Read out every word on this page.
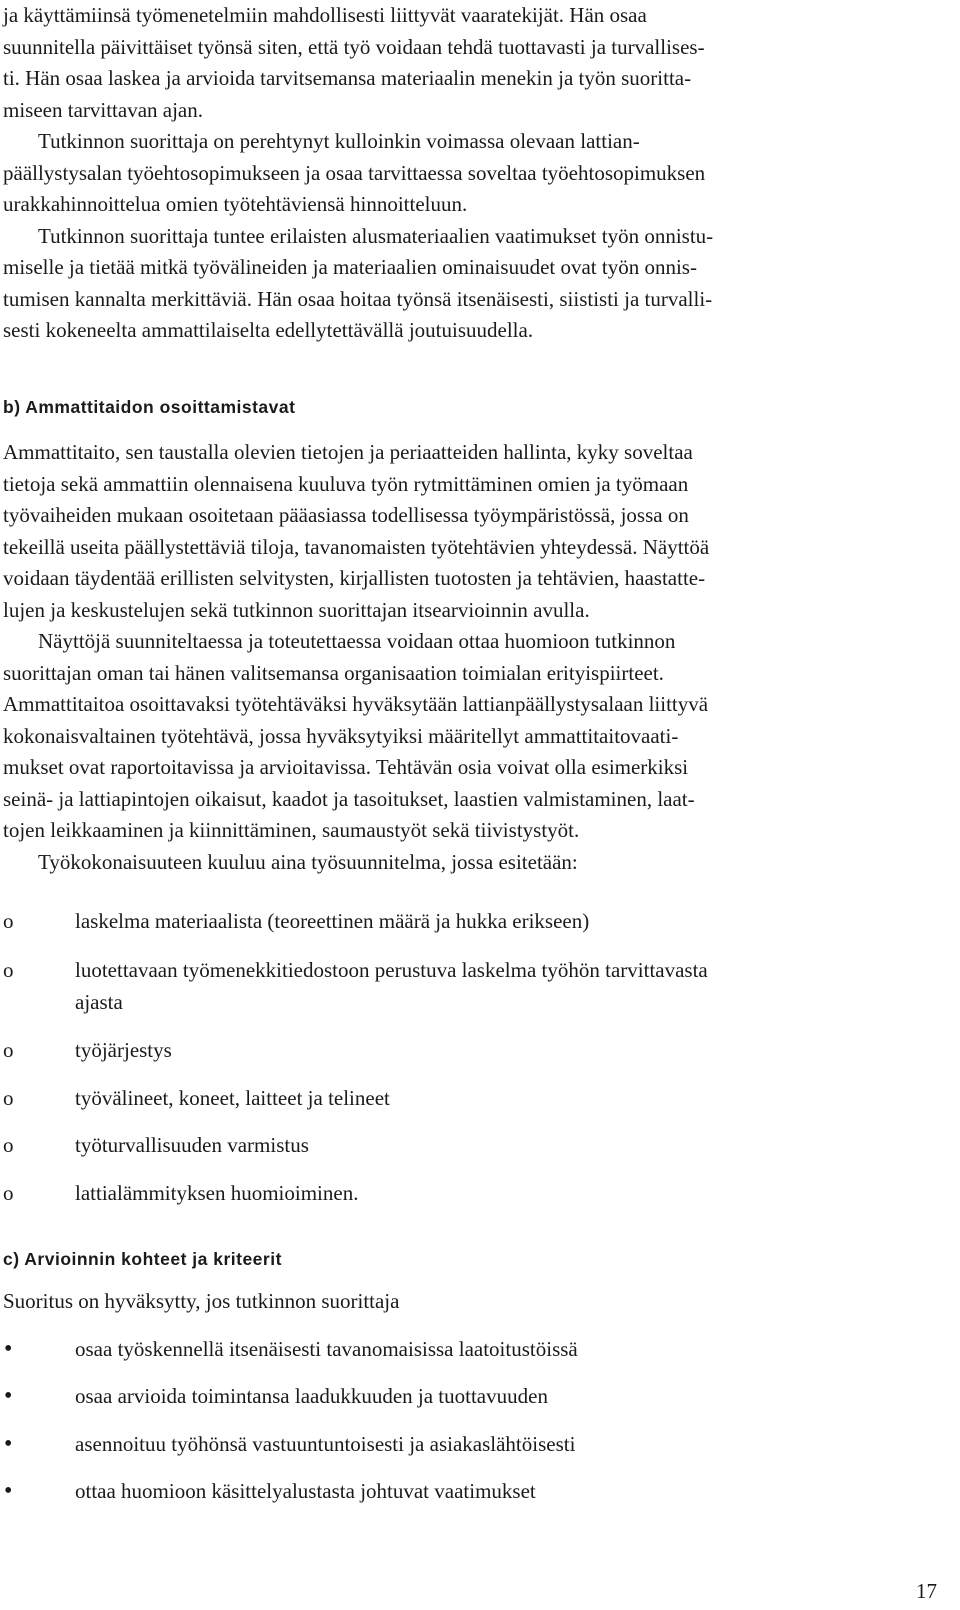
ja käyttämiinsä työmenetelmiin mahdollisesti liittyvät vaaratekijät. Hän osaa
suunnitella päivittäiset työnsä siten, että työ voidaan tehdä tuottavasti ja turvallises-
ti. Hän osaa laskea ja arvioida tarvitsemansa materiaalin menekin ja työn suoritta-
miseen tarvittavan ajan.
Tutkinnon suorittaja on perehtynyt kulloinkin voimassa olevaan lattian-
päällystysalan työehtosopimukseen ja osaa tarvittaessa soveltaa työehtosopimuksen
urakkahinnoittelua omien työtehtäviensä hinnoitteluun.
Tutkinnon suorittaja tuntee erilaisten alusmateriaalien vaatimukset työn onnistu-
miselle ja tietää mitkä työvälineiden ja materiaalien ominaisuudet ovat työn onnis-
tumisen kannalta merkittäviä. Hän osaa hoitaa työnsä itsenäisesti, siististi ja turvalli-
sesti kokeneelta ammattilaiselta edellytettävällä joutuisuudella.
b) Ammattitaidon osoittamistavat
Ammattitaito, sen taustalla olevien tietojen ja periaatteiden hallinta, kyky soveltaa
tietoja sekä ammattiin olennaisena kuuluva työn rytmittäminen omien ja työmaan
työvaiheiden mukaan osoitetaan pääasiassa todellisessa työympäristössä, jossa on
tekeillä useita päällystettäviä tiloja, tavanomaisten työtehtävien yhteydessä. Näyttöä
voidaan täydentää erillisten selvitysten, kirjallisten tuotosten ja tehtävien, haastatte-
lujen ja keskustelujen sekä tutkinnon suorittajan itsearvioinnin avulla.
Näyttöjä suunniteltaessa ja toteutettaessa voidaan ottaa huomioon tutkinnon
suorittajan oman tai hänen valitsemansa organisaation toimialan erityispiirteet.
Ammattitaitoa osoittavaksi työtehtäväksi hyväksytään lattianpäällystysalaan liittyvä
kokonaisvaltainen työtehtävä, jossa hyväksytyiksi määritellyt ammattitaitovaati-
mukset ovat raportoitavissa ja arvioitavissa. Tehtävän osia voivat olla esimerkiksi
seinä- ja lattiapintojen oikaisut, kaadot ja tasoitukset, laastien valmistaminen, laat-
tojen leikkaaminen ja kiinnittäminen, saumaustyöt sekä tiivistystyöt.
Työkokonaisuuteen kuuluu aina työsuunnitelma, jossa esitetään:
o	laskelma materiaalista (teoreettinen määrä ja hukka erikseen)
o	luotettavaan työmenekkitiedostoon perustuva laskelma työhön tarvittavasta
ajasta
o	työjärjestys
o	työvälineet, koneet, laitteet ja telineet
o	työturvallisuuden varmistus
o	lattialämmityksen huomioiminen.
c) Arvioinnin kohteet ja kriteerit
Suoritus on hyväksytty, jos tutkinnon suorittaja
•	osaa työskennellä itsenäisesti tavanomaisissa laatoitustöissä
•	osaa arvioida toimintansa laadukkuuden ja tuottavuuden
•	asennoituu työhönsä vastuuntuntoisesti ja asiakaslähtöisesti
•	ottaa huomioon käsittelyalustasta johtuvat vaatimukset
17
